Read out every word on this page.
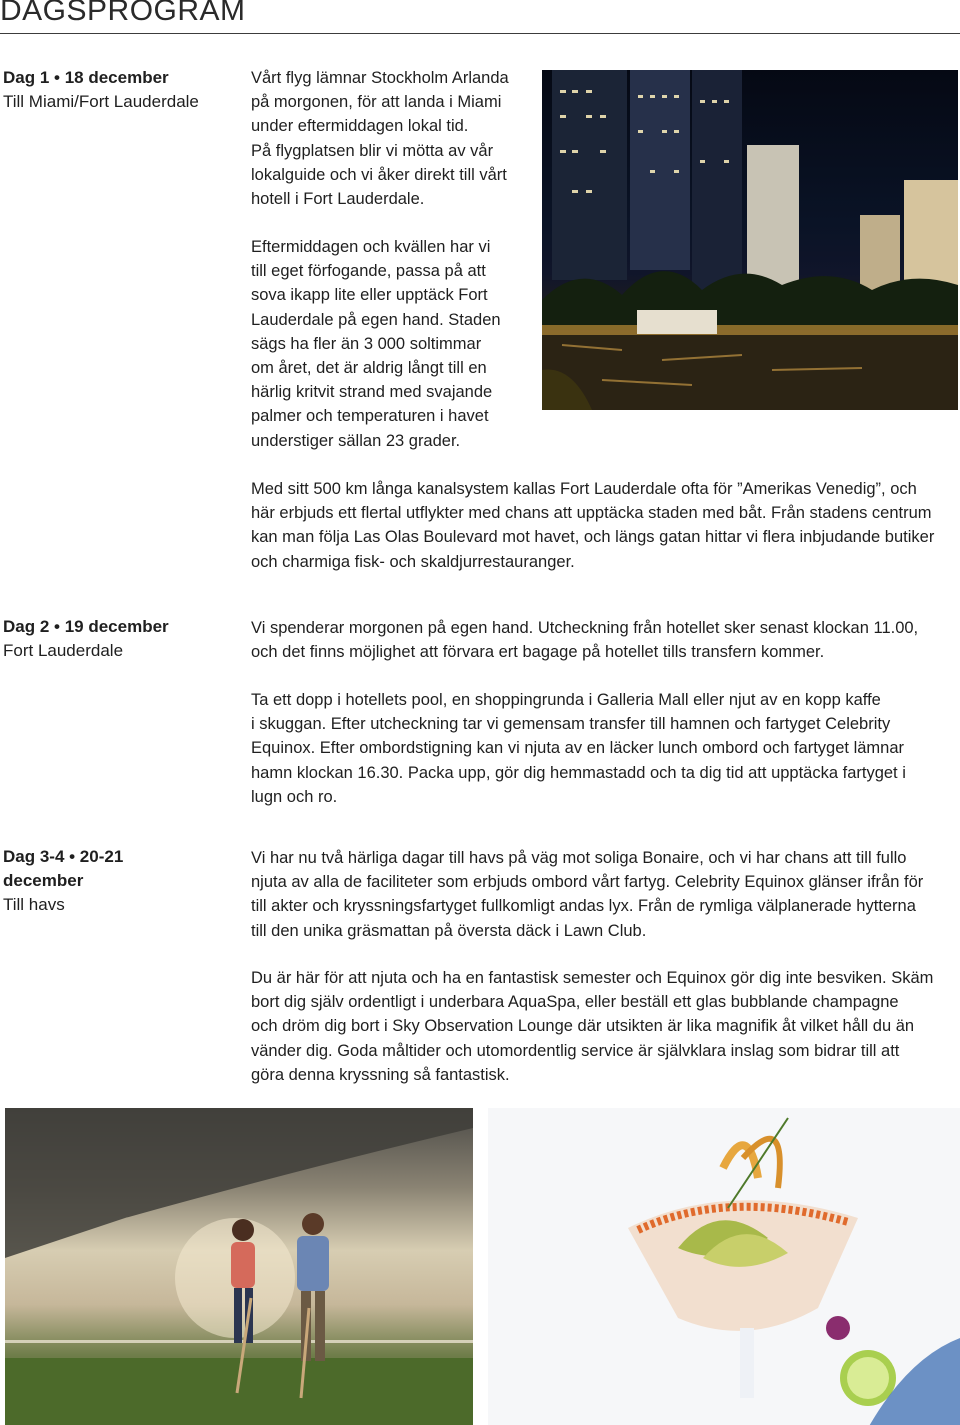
DAGSPROGRAM
Dag 1 • 18 december
Till Miami/Fort Lauderdale

Vårt flyg lämnar Stockholm Arlanda

på morgonen, för att landa i Miami

under eftermiddagen lokal tid.

På flygplatsen blir vi mötta av vår

lokalguide och vi åker direkt till vårt

hotell i Fort Lauderdale.

Eftermiddagen och kvällen har vi

till eget förfogande, passa på att

sova ikapp lite eller upptäck Fort

Lauderdale på egen hand. Staden

sägs ha fler än 3 000 soltimmar

om året, det är aldrig långt till en

härlig kritvit strand med svajande

palmer och temperaturen i havet

understiger sällan 23 grader.

Med sitt 500 km långa kanalsystem kallas Fort Lauderdale ofta för ”Amerikas Venedig”, och

här erbjuds ett flertal utflykter med chans att upptäcka staden med båt. Från stadens centrum

kan man följa Las Olas Boulevard mot havet, och längs gatan hittar vi flera inbjudande butiker

och charmiga fisk- och skaldjurrestauranger.

Dag 2 • 19 december
Fort Lauderdale

Vi spenderar morgonen på egen hand. Utcheckning från hotellet sker senast klockan 11.00,

och det finns möjlighet att förvara ert bagage på hotellet tills transfern kommer.

Ta ett dopp i hotellets pool, en shoppingrunda i Galleria Mall eller njut av en kopp kaffe

i skuggan. Efter utcheckning tar vi gemensam transfer till hamnen och fartyget Celebrity

Equinox. Efter ombordstigning kan vi njuta av en läcker lunch ombord och fartyget lämnar

hamn klockan 16.30. Packa upp, gör dig hemmastadd och ta dig tid att upptäcka fartyget i

lugn och ro.

Dag 3-4 • 20-21
december
Till havs

Vi har nu två härliga dagar till havs på väg mot soliga Bonaire, och vi har chans att till fullo

njuta av alla de faciliteter som erbjuds ombord vårt fartyg. Celebrity Equinox glänser ifrån för

till akter och kryssningsfartyget fullkomligt andas lyx. Från de rymliga välplanerade hytterna

till den unika gräsmattan på översta däck i Lawn Club.

Du är här för att njuta och ha en fantastisk semester och Equinox gör dig inte besviken. Skäm

bort dig själv ordentligt i underbara AquaSpa, eller beställ ett glas bubblande champagne

och dröm dig bort i Sky Observation Lounge där utsikten är lika magnifik åt vilket håll du än

vänder dig. Goda måltider och utomordentlig service är självklara inslag som bidrar till att

göra denna kryssning så fantastisk.
